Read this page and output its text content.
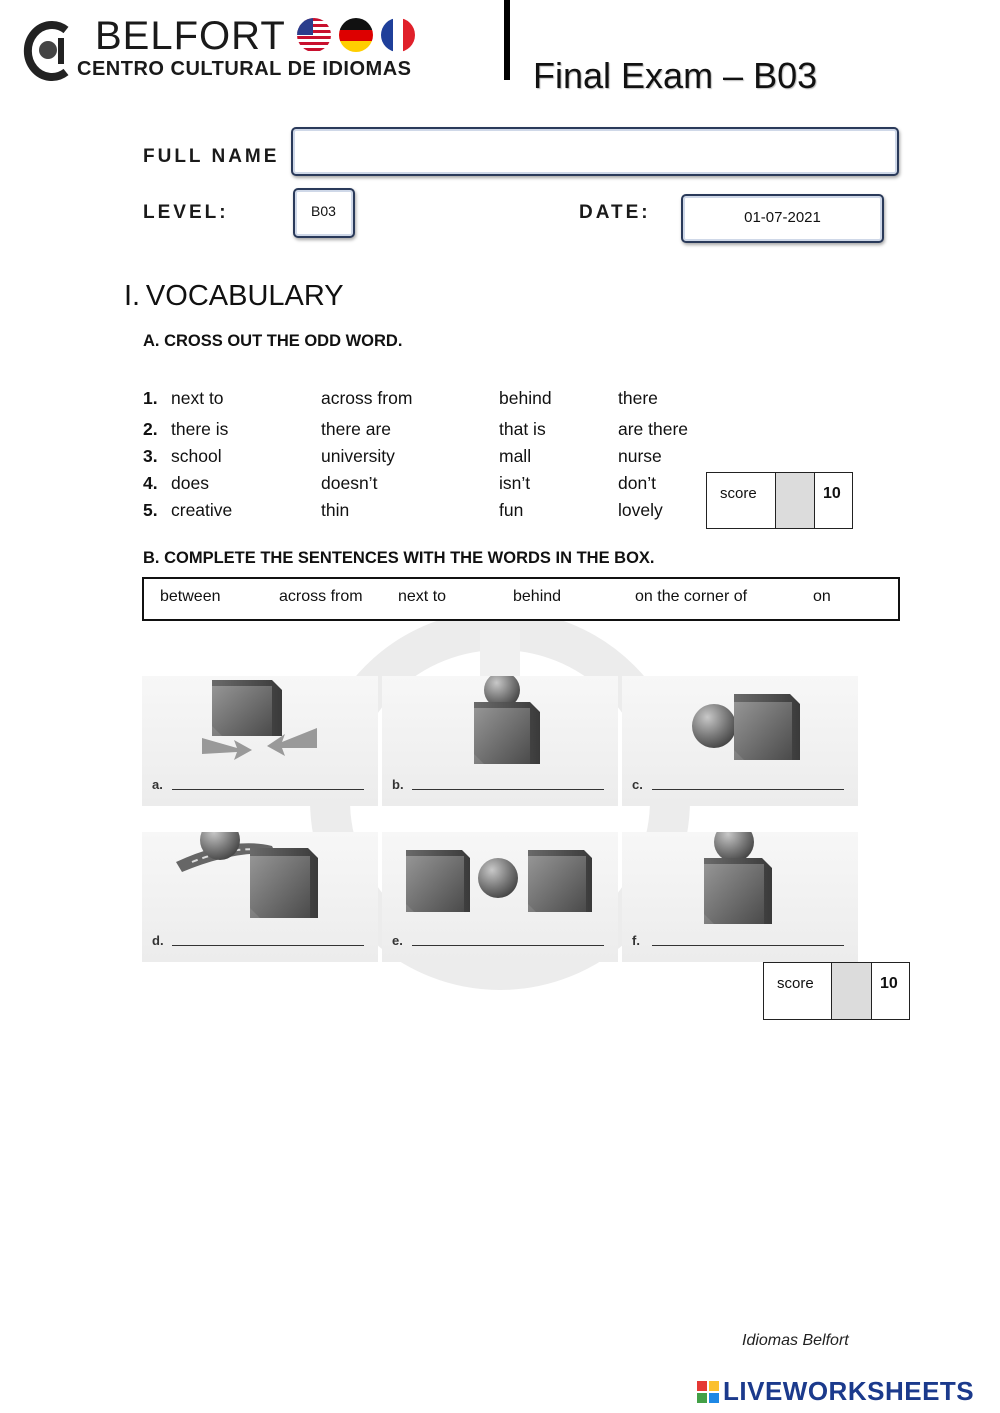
BELFORT
CENTRO CULTURAL DE IDIOMAS	Final Exam – B03
FULL NAME
LEVEL:	B03	DATE:	01-07-2021
I. VOCABULARY
A. CROSS OUT THE ODD WORD.
1. next to	across from	behind	there
2. there is	there are	that is	are there
3. school	university	mall	nurse
4. does	doesn’t	isn’t	don’t
5. creative	thin	fun	lovely
score	10
B. COMPLETE THE SENTENCES WITH THE WORDS IN THE BOX.
between	across from next to	behind	on the corner of	on
a.	b.	c.
d.	e.	f.
score	10
Idiomas Belfort
LIVEWORKSHEETS
